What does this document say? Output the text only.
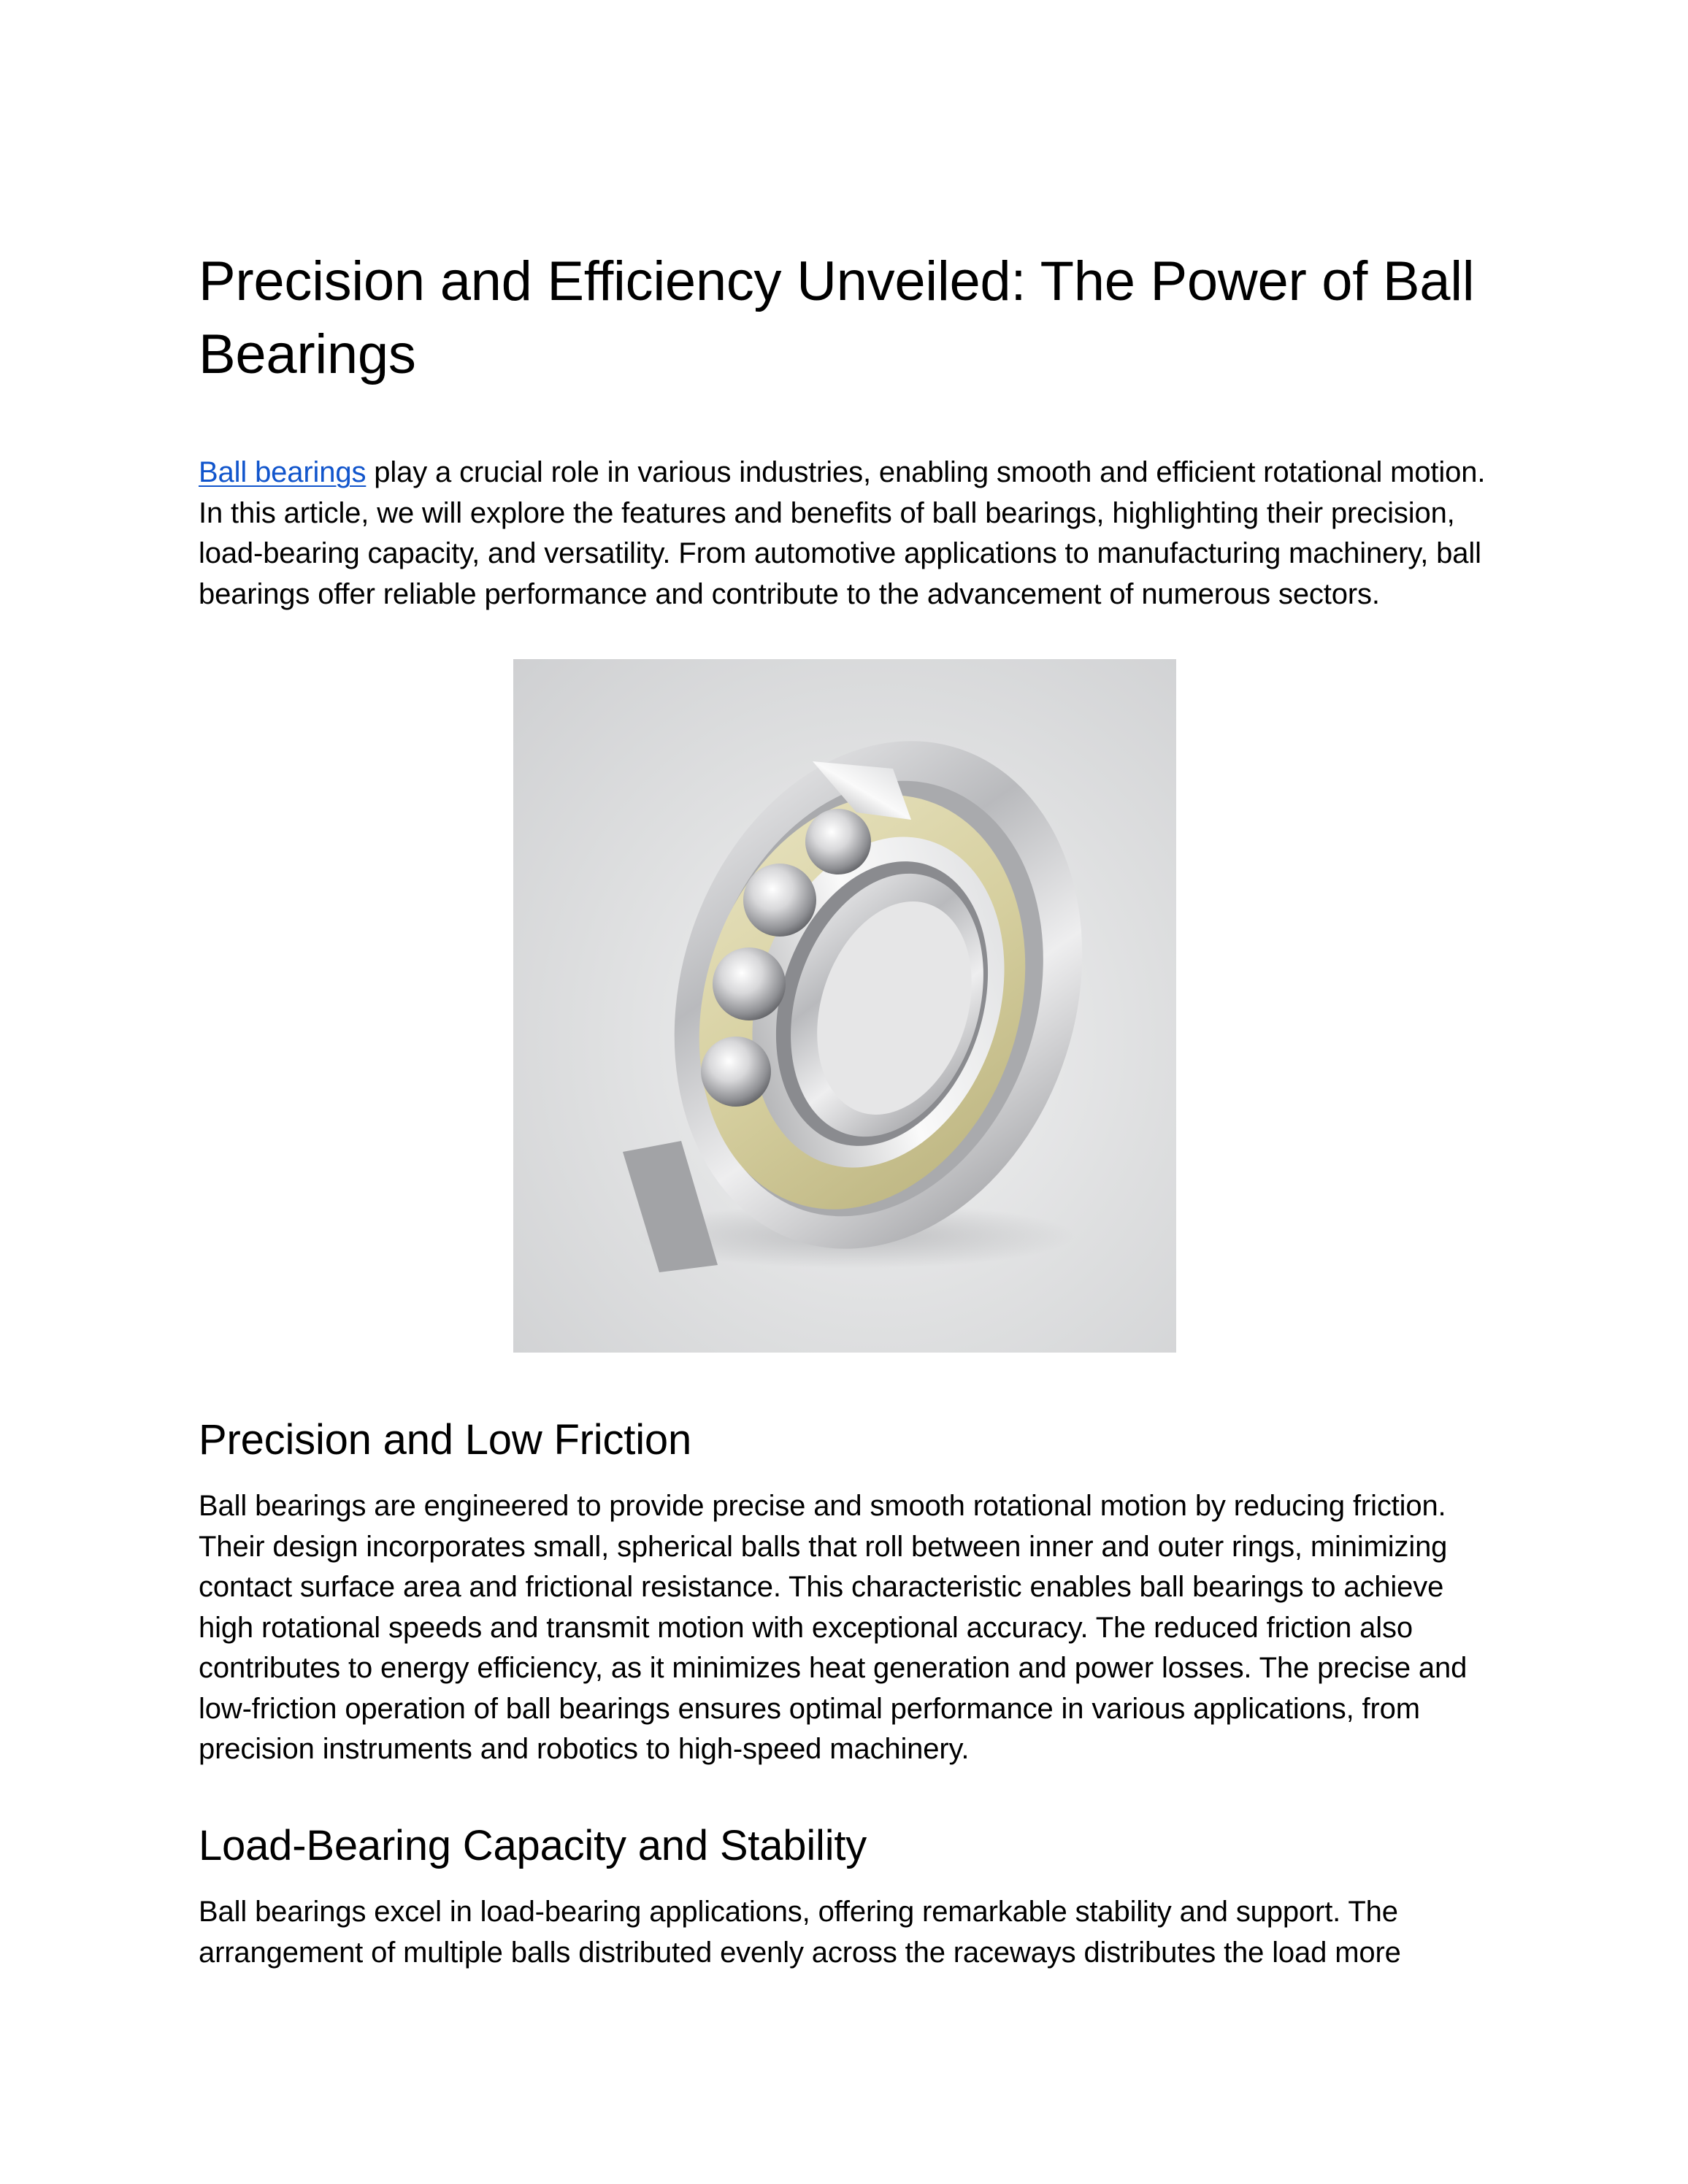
Precision and Efficiency Unveiled: The Power of Ball Bearings

Ball bearings play a crucial role in various industries, enabling smooth and efficient rotational motion. In this article, we will explore the features and benefits of ball bearings, highlighting their precision, load-bearing capacity, and versatility. From automotive applications to manufacturing machinery, ball bearings offer reliable performance and contribute to the advancement of numerous sectors.

Precision and Low Friction

Ball bearings are engineered to provide precise and smooth rotational motion by reducing friction. Their design incorporates small, spherical balls that roll between inner and outer rings, minimizing contact surface area and frictional resistance. This characteristic enables ball bearings to achieve high rotational speeds and transmit motion with exceptional accuracy. The reduced friction also contributes to energy efficiency, as it minimizes heat generation and power losses. The precise and low-friction operation of ball bearings ensures optimal performance in various applications, from precision instruments and robotics to high-speed machinery.

Load-Bearing Capacity and Stability

Ball bearings excel in load-bearing applications, offering remarkable stability and support. The arrangement of multiple balls distributed evenly across the raceways distributes the load more
